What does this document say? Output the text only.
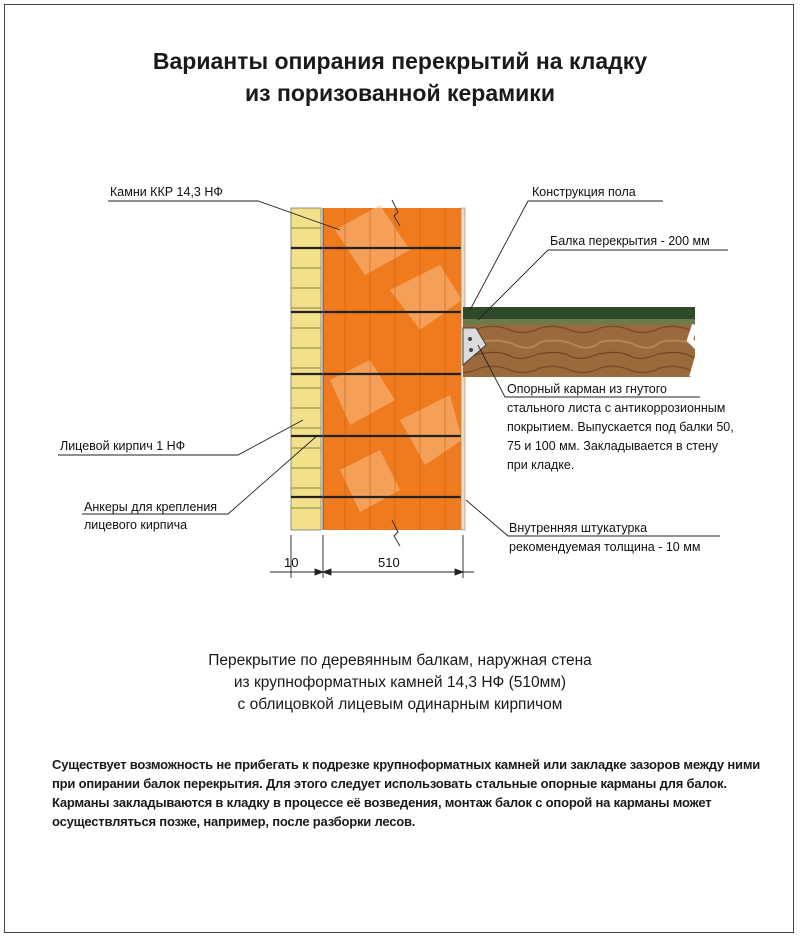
Варианты опирания перекрытий на кладку
из поризованной керамики
Камни ККР 14,3 НФ	Конструкция пола
Балка перекрытия - 200 мм
Опорный карман из гнутого
стального листа с антикоррозионным
покрытием. Выпускается под балки 50,
75 и 100 мм. Закладывается в стену
при кладке.
Лицевой кирпич 1 НФ
Анкеры для крепления
лицевого кирпича	Внутренняя штукатурка
рекомендуемая толщина - 10 мм
10	510
Перекрытие по деревянным балкам, наружная стена
из крупноформатных камней 14,3 НФ (510мм)
с облицовкой лицевым одинарным кирпичом
Существует возможность не прибегать к подрезке крупноформатных камней или закладке зазоров между ними при опирании балок перекрытия. Для этого следует использовать стальные опорные карманы для балок. Карманы закладываются в кладку в процессе её возведения, монтаж балок с опорой на карманы может осуществляться позже, например, после разборки лесов.
